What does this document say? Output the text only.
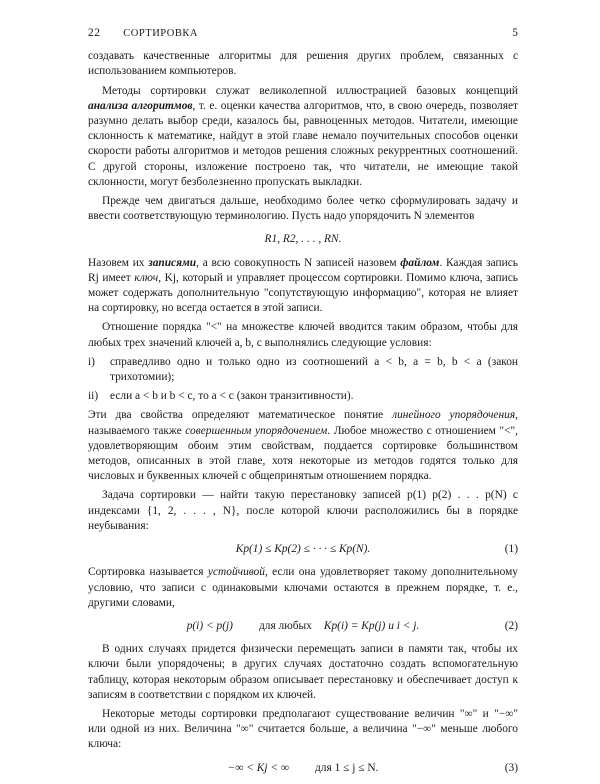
22 СОРТИРОВКА	5

создавать качественные алгоритмы для решения других проблем, связанных с использованием компьютеров.

Методы сортировки служат великолепной иллюстрацией базовых концепций анализа алгоритмов, т. е. оценки качества алгоритмов, что, в свою очередь, позволяет разумно делать выбор среди, казалось бы, равноценных методов. Читатели, имеющие склонность к математике, найдут в этой главе немало поучительных способов оценки скорости работы алгоритмов и методов решения сложных рекуррентных соотношений. С другой стороны, изложение построено так, что читатели, не имеющие такой склонности, могут безболезненно пропускать выкладки.

Прежде чем двигаться дальше, необходимо более четко сформулировать задачу и ввести соответствующую терминологию. Пусть надо упорядочить N элементов

R1, R2, . . . , RN.

Назовем их записями, а всю совокупность N записей назовем файлом. Каждая запись Rj имеет ключ, Kj, который и управляет процессом сортировки. Помимо ключа, запись может содержать дополнительную "сопутствующую информацию", которая не влияет на сортировку, но всегда остается в этой записи.

Отношение порядка "<" на множестве ключей вводится таким образом, чтобы для любых трех значений ключей a, b, c выполнялись следующие условия:

i)	справедливо одно и только одно из соотношений a < b, a = b, b < a (закон трихотомии);
ii)	если a < b и b < c, то a < c (закон транзитивности).

Эти два свойства определяют математическое понятие линейного упорядочения, называемого также совершенным упорядочением. Любое множество с отношением "<", удовлетворяющим обоим этим свойствам, поддается сортировке большинством методов, описанных в этой главе, хотя некоторые из методов годятся только для числовых и буквенных ключей с общепринятым отношением порядка.

Задача сортировки — найти такую перестановку записей p(1) p(2) . . . p(N) с индексами {1, 2, . . . , N}, после которой ключи расположились бы в порядке неубывания:

Kp(1) ≤ Kp(2) ≤ · · · ≤ Kp(N).	(1)

Сортировка называется устойчивой, если она удовлетворяет такому дополнительному условию, что записи с одинаковыми ключами остаются в прежнем порядке, т. е., другими словами,

p(i) < p(j) для любых Kp(i) = Kp(j) и i < j.	(2)

В одних случаях придется физически перемещать записи в памяти так, чтобы их ключи были упорядочены; в других случаях достаточно создать вспомогательную таблицу, которая некоторым образом описывает перестановку и обеспечивает доступ к записям в соответствии с порядком их ключей.

Некоторые методы сортировки предполагают существование величин "∞" и "−∞" или одной из них. Величина "∞" считается больше, а величина "−∞" меньше любого ключа:

−∞ < Kj < ∞ для 1 ≤ j ≤ N.	(3)
